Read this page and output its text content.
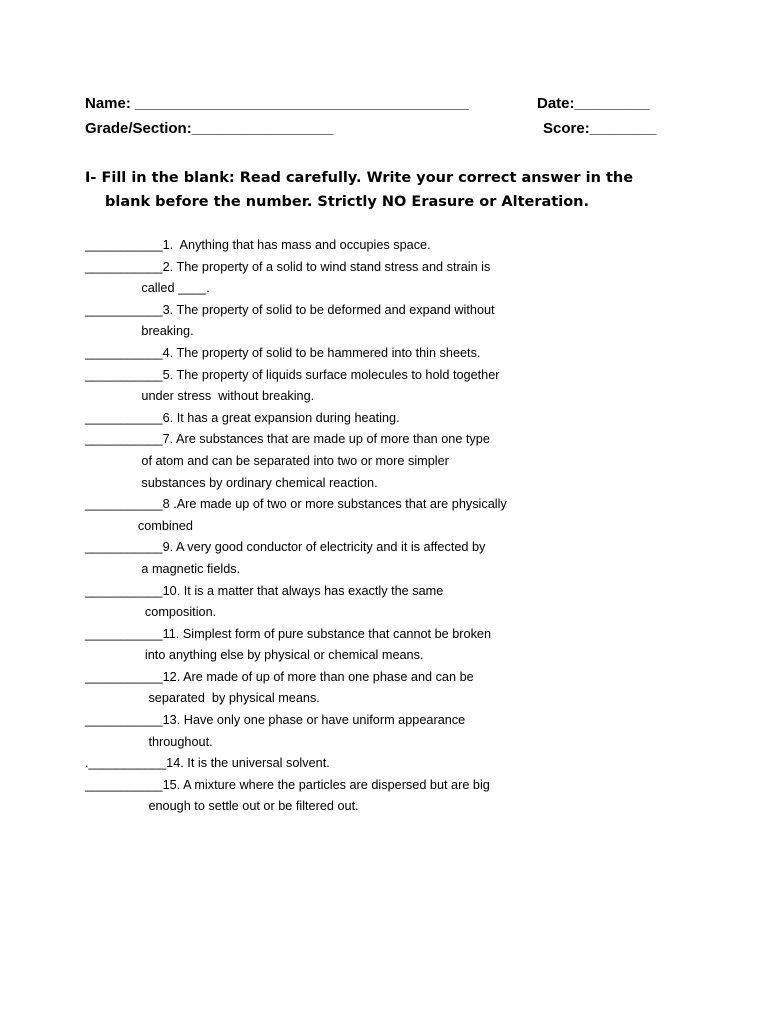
Name: ________________________________________	Date:_________
Grade/Section:_________________	Score:________
I- Fill in the blank: Read carefully. Write your correct answer in the
blank before the number. Strictly NO Erasure or Alteration.
___________1.  Anything that has mass and occupies space.
___________2. The property of a solid to wind stand stress and strain is
called ____.
___________3. The property of solid to be deformed and expand without
breaking.
___________4. The property of solid to be hammered into thin sheets.
___________5. The property of liquids surface molecules to hold together
under stress  without breaking.
___________6. It has a great expansion during heating.
___________7. Are substances that are made up of more than one type
of atom and can be separated into two or more simpler
substances by ordinary chemical reaction.
___________8 .Are made up of two or more substances that are physically
combined
___________9. A very good conductor of electricity and it is affected by
a magnetic fields.
___________10. It is a matter that always has exactly the same
composition.
___________11. Simplest form of pure substance that cannot be broken
into anything else by physical or chemical means.
___________12. Are made of up of more than one phase and can be
separated  by physical means.
___________13. Have only one phase or have uniform appearance
throughout.
.___________14. It is the universal solvent.
___________15. A mixture where the particles are dispersed but are big
enough to settle out or be filtered out.
